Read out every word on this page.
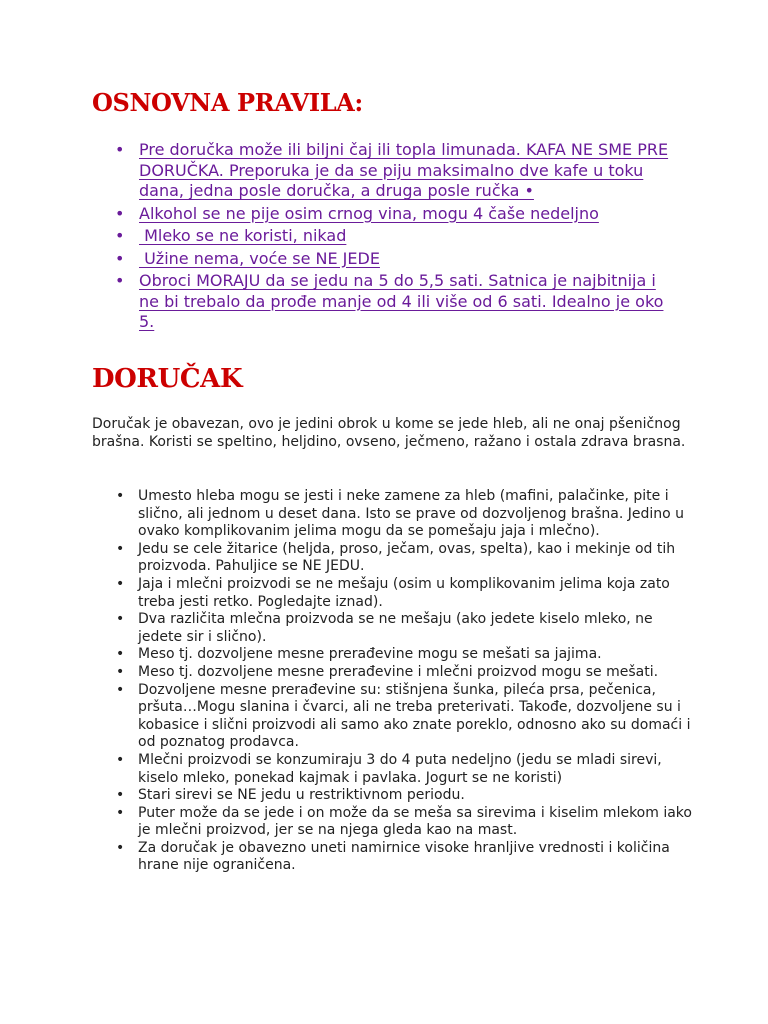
OSNOVNA PRAVILA:
• Pre doručka može ili biljni čaj ili topla limunada. KAFA NE SME PRE DORUČKA. Preporuka je da se piju maksimalno dve kafe u toku dana, jedna posle doručka, a druga posle ručka •
• Alkohol se ne pije osim crnog vina, mogu 4 čaše nedeljno
• Mleko se ne koristi, nikad
• Užine nema, voće se NE JEDE
• Obroci MORAJU da se jedu na 5 do 5,5 sati. Satnica je najbitnija i ne bi trebalo da prođe manje od 4 ili više od 6 sati. Idealno je oko 5.
DORUČAK

Doručak je obavezan, ovo je jedini obrok u kome se jede hleb, ali ne onaj pšeničnog brašna. Koristi se speltino, heljdino, ovseno, ječmeno, ražano i ostala zdrava brasna.

• Umesto hleba mogu se jesti i neke zamene za hleb (mafini, palačinke, pite i slično, ali jednom u deset dana. Isto se prave od dozvoljenog brašna. Jedino u ovako komplikovanim jelima mogu da se pomešaju jaja i mlečno).
• Jedu se cele žitarice (heljda, proso, ječam, ovas, spelta), kao i mekinje od tih proizvoda. Pahuljice se NE JEDU.
• Jaja i mlečni proizvodi se ne mešaju (osim u komplikovanim jelima koja zato treba jesti retko. Pogledajte iznad).
• Dva različita mlečna proizvoda se ne mešaju (ako jedete kiselo mleko, ne jedete sir i slično).
• Meso tj. dozvoljene mesne prerađevine mogu se mešati sa jajima.
• Meso tj. dozvoljene mesne prerađevine i mlečni proizvod mogu se mešati.
• Dozvoljene mesne prerađevine su: stišnjena šunka, pileća prsa, pečenica, pršuta…Mogu slanina i čvarci, ali ne treba preterivati. Takođe, dozvoljene su i kobasice i slični proizvodi ali samo ako znate poreklo, odnosno ako su domaći i od poznatog prodavca.
• Mlečni proizvodi se konzumiraju 3 do 4 puta nedeljno (jedu se mladi sirevi, kiselo mleko, ponekad kajmak i pavlaka. Jogurt se ne koristi)
• Stari sirevi se NE jedu u restriktivnom periodu.
• Puter može da se jede i on može da se meša sa sirevima i kiselim mlekom iako je mlečni proizvod, jer se na njega gleda kao na mast.
• Za doručak je obavezno uneti namirnice visoke hranljive vrednosti i količina hrane nije ograničena.
